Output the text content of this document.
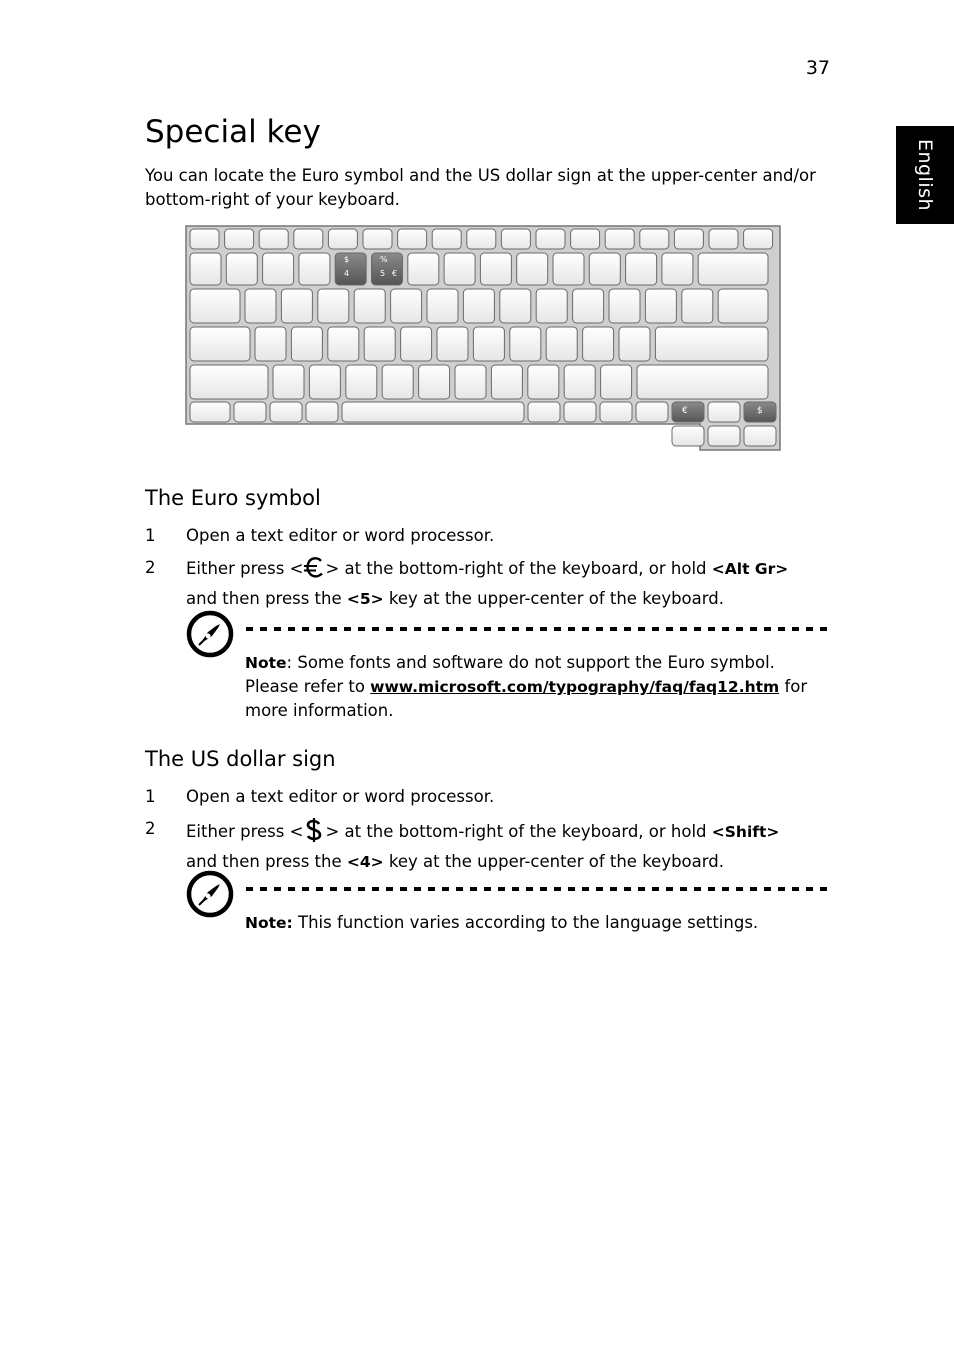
37
English
Special key

You can locate the Euro symbol and the US dollar sign at the upper-center and/or bottom-right of your keyboard.

$
4
%
5 €
€	$
The Euro symbol
1 Open a text editor or word processor.
2 Either press < > at the bottom-right of the keyboard, or hold <Alt Gr>
and then press the <5> key at the upper-center of the keyboard.

Note: Some fonts and software do not support the Euro symbol. Please refer to www.microsoft.com/typography/faq/faq12.htm for more information.

The US dollar sign
1 Open a text editor or word processor.
2 Either press < > at the bottom-right of the keyboard, or hold <Shift>
and then press the <4> key at the upper-center of the keyboard.

Note: This function varies according to the language settings.
